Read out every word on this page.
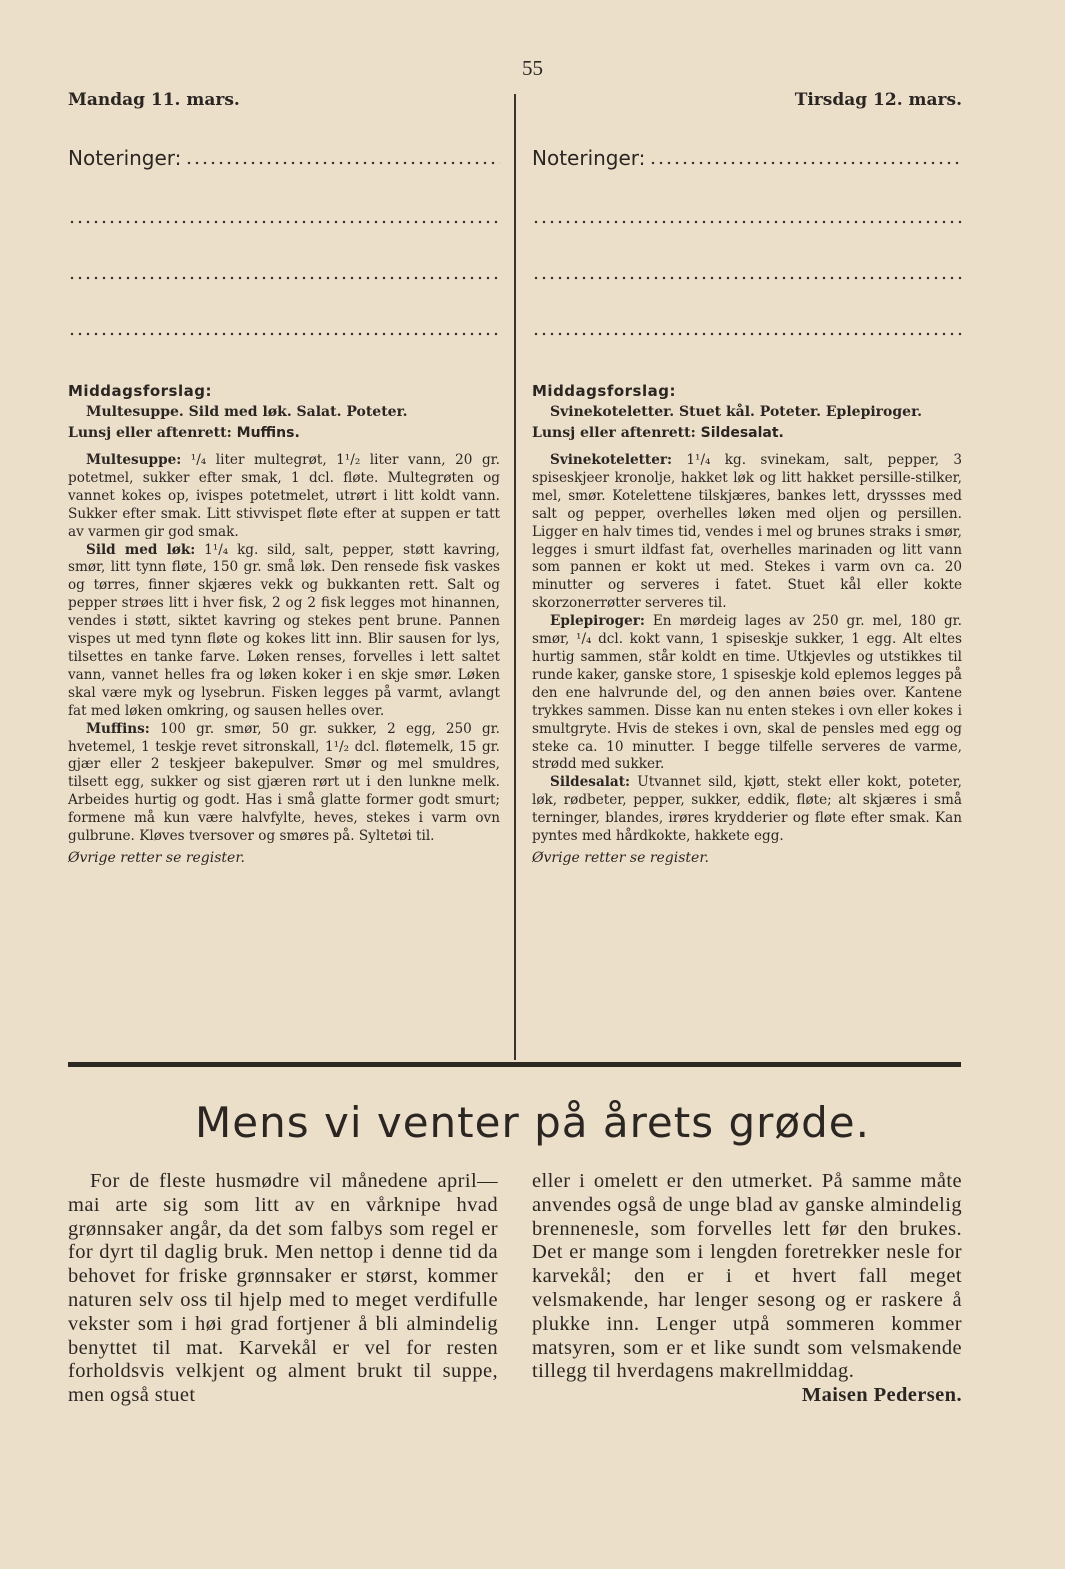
55
Mandag 11. mars.
Noteringer:
Middagsforslag:
Multesuppe. Sild med løk. Salat. Poteter.
Lunsj eller aftenrett: Muffins.

Multesuppe: ¹/₄ liter multegrøt, 1¹/₂ liter vann, 20 gr. potetmel, sukker efter smak, 1 dcl. fløte. Multegrøten og vannet kokes op, ivispes potetmelet, utrørt i litt koldt vann. Sukker efter smak. Litt stivvispet fløte efter at suppen er tatt av varmen gir god smak.

Sild med løk: 1¹/₄ kg. sild, salt, pepper, støtt kavring, smør, litt tynn fløte, 150 gr. små løk. Den rensede fisk vaskes og tørres, finner skjæres vekk og bukkanten rett. Salt og pepper strøes litt i hver fisk, 2 og 2 fisk legges mot hinannen, vendes i støtt, siktet kavring og stekes pent brune. Pannen vispes ut med tynn fløte og kokes litt inn. Blir sausen for lys, tilsettes en tanke farve. Løken renses, forvelles i lett saltet vann, vannet helles fra og løken koker i en skje smør. Løken skal være myk og lysebrun. Fisken legges på varmt, avlangt fat med løken omkring, og sausen helles over.

Muffins: 100 gr. smør, 50 gr. sukker, 2 egg, 250 gr. hvetemel, 1 teskje revet sitronskall, 1¹/₂ dcl. fløtemelk, 15 gr. gjær eller 2 teskjeer bakepulver. Smør og mel smuldres, tilsett egg, sukker og sist gjæren rørt ut i den lunkne melk. Arbeides hurtig og godt. Has i små glatte former godt smurt; formene må kun være halvfylte, heves, stekes i varm ovn gulbrune. Kløves tversover og smøres på. Syltetøi til.

Øvrige retter se register.
Tirsdag 12. mars.
Noteringer:
Middagsforslag:
Svinekoteletter. Stuet kål. Poteter. Eplepiroger.
Lunsj eller aftenrett: Sildesalat.

Svinekoteletter: 1¹/₄ kg. svinekam, salt, pepper, 3 spiseskjeer kronolje, hakket løk og litt hakket persille-stilker, mel, smør. Kotelettene tilskjæres, bankes lett, dryssses med salt og pepper, overhelles løken med oljen og persillen. Ligger en halv times tid, vendes i mel og brunes straks i smør, legges i smurt ildfast fat, overhelles marinaden og litt vann som pannen er kokt ut med. Stekes i varm ovn ca. 20 minutter og serveres i fatet. Stuet kål eller kokte skorzonerrøtter serveres til.

Eplepiroger: En mørdeig lages av 250 gr. mel, 180 gr. smør, ¹/₄ dcl. kokt vann, 1 spiseskje sukker, 1 egg. Alt eltes hurtig sammen, står koldt en time. Utkjevles og utstikkes til runde kaker, ganske store, 1 spiseskje kold eplemos legges på den ene halvrunde del, og den annen bøies over. Kantene trykkes sammen. Disse kan nu enten stekes i ovn eller kokes i smultgryte. Hvis de stekes i ovn, skal de pensles med egg og steke ca. 10 minutter. I begge tilfelle serveres de varme, strødd med sukker.

Sildesalat: Utvannet sild, kjøtt, stekt eller kokt, poteter, løk, rødbeter, pepper, sukker, eddik, fløte; alt skjæres i små terninger, blandes, irøres krydderier og fløte efter smak. Kan pyntes med hårdkokte, hakkete egg.

Øvrige retter se register.
Mens vi venter på årets grøde.
For de fleste husmødre vil månedene april—mai arte sig som litt av en vårknipe hvad grønnsaker angår, da det som falbys som regel er for dyrt til daglig bruk. Men nettop i denne tid da behovet for friske grønnsaker er størst, kommer naturen selv oss til hjelp med to meget verdifulle vekster som i høi grad fortjener å bli almindelig benyttet til mat. Karvekål er vel for resten forholdsvis velkjent og alment brukt til suppe, men også stuet
eller i omelett er den utmerket. På samme måte anvendes også de unge blad av ganske almindelig brennenesle, som forvelles lett før den brukes. Det er mange som i lengden foretrekker nesle for karvekål; den er i et hvert fall meget velsmakende, har lenger sesong og er raskere å plukke inn. Lenger utpå sommeren kommer matsyren, som er et like sundt som velsmakende tillegg til hverdagens makrellmiddag.
Maisen Pedersen.
